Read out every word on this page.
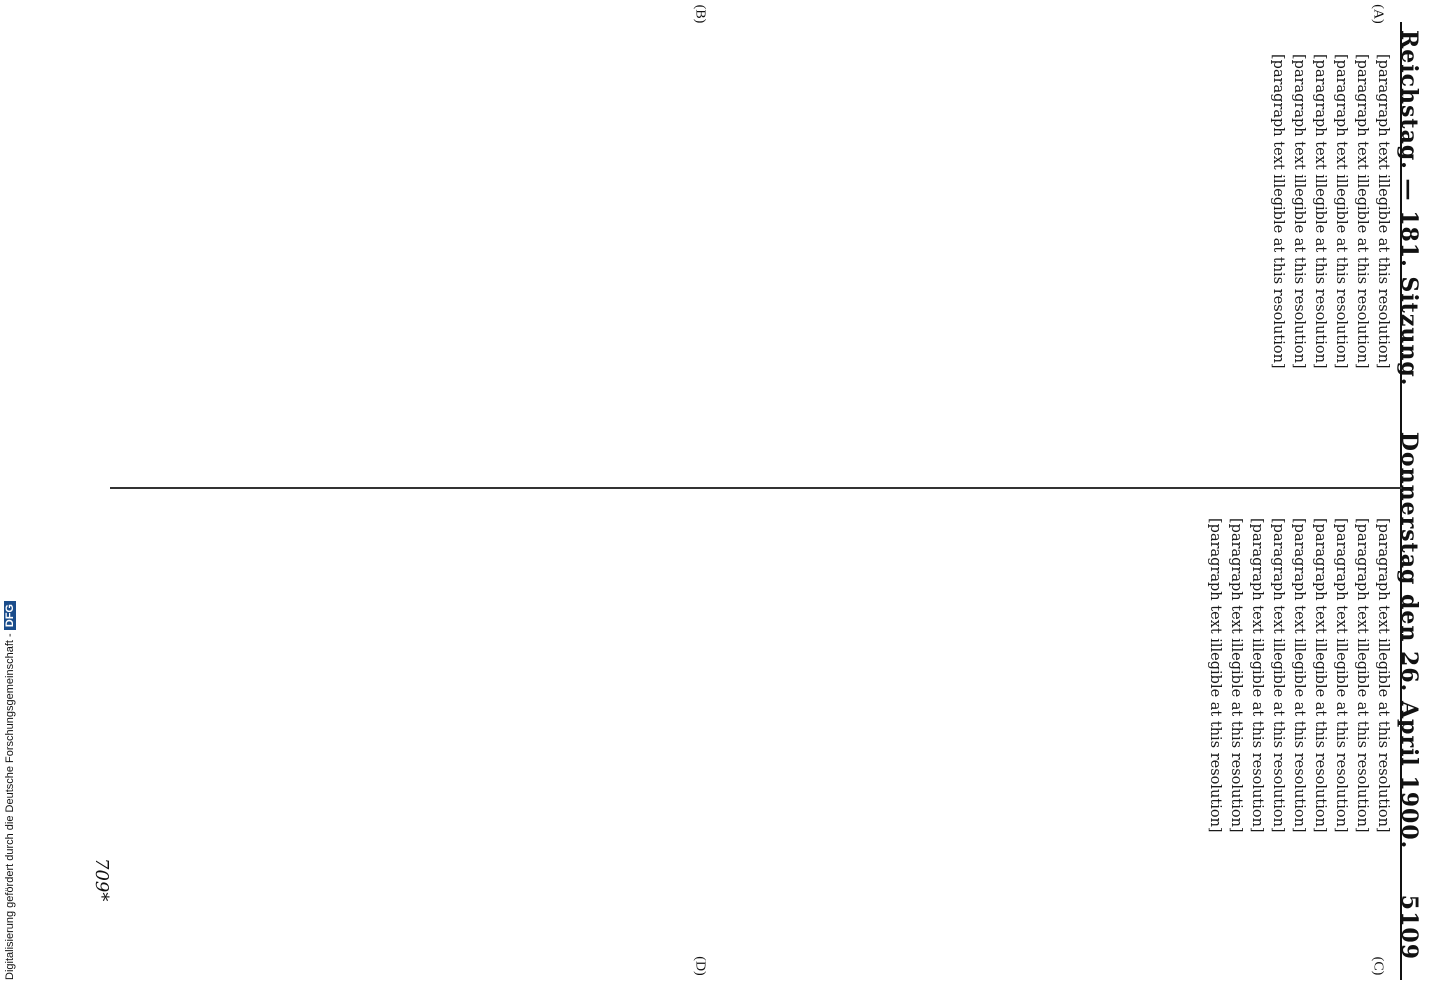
Reichstag. — 181. Sitzung.
Donnerstag den 26. April 1900.
5109
(A)
(B)
(C)
(D)

[paragraph text illegible at this resolution]

[paragraph text illegible at this resolution]

[paragraph text illegible at this resolution]

[paragraph text illegible at this resolution]

[paragraph text illegible at this resolution]

[paragraph text illegible at this resolution]

[paragraph text illegible at this resolution]

[paragraph text illegible at this resolution]

[paragraph text illegible at this resolution]

[paragraph text illegible at this resolution]

[paragraph text illegible at this resolution]

[paragraph text illegible at this resolution]

[paragraph text illegible at this resolution]

[paragraph text illegible at this resolution]

[paragraph text illegible at this resolution]

709*
Digitalisierung gefördert durch die Deutsche Forschungsgemeinschaft - DFG
